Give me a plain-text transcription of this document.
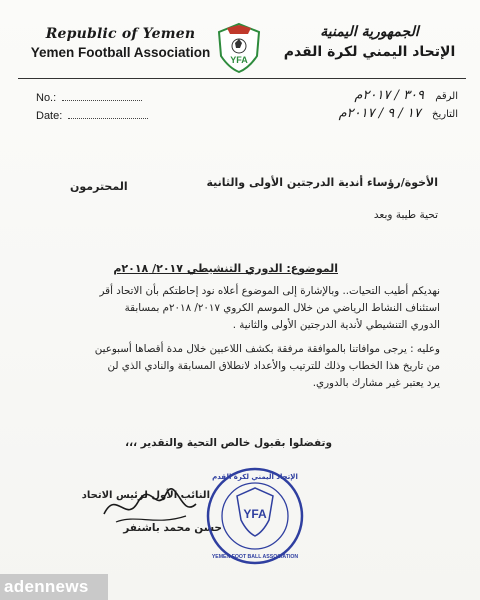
Republic of Yemen
Yemen Football Association	YFA
الجمهورية اليمنية
الإتحاد اليمني لكرة القدم
No.:
Date:
الرقم ٣٠٩ / ٢٠١٧م
التاريخ ١٧ / ٩ / ٢٠١٧م
الأخوة/رؤساء أندية الدرجتين الأولى والثانية
المحترمون
تحية طيبة وبعد
الموضوع: الدوري التنشيطي ٢٠١٧/ ٢٠١٨م
نهديكم أطيب التحيات.. وبالإشارة إلى الموضوع أعلاه نود إحاطتكم بأن الاتحاد أقر
استئناف النشاط الرياضي من خلال الموسم الكروي ٢٠١٧/ ٢٠١٨م بمسابقة
الدوري التنشيطي لأندية الدرجتين الأولى والثانية .
وعليه : يرجى موافاتنا بالموافقة مرفقة بكشف اللاعبين خلال مدة أقصاها أسبوعين
من تاريخ هذا الخطاب وذلك للترتيب والأعداد لانطلاق المسابقة والنادي الذي لن
يرد يعتبر غير مشارك بالدوري.
وتفضلوا بقبول خالص التحية والتقدير ،،،
النائب الأول لرئيس الاتحاد
حسن محمد باشنفر
YFA
الإتحاد اليمني لكرة القدم
YEMEN FOOT BALL ASSOCIATION
adennews
